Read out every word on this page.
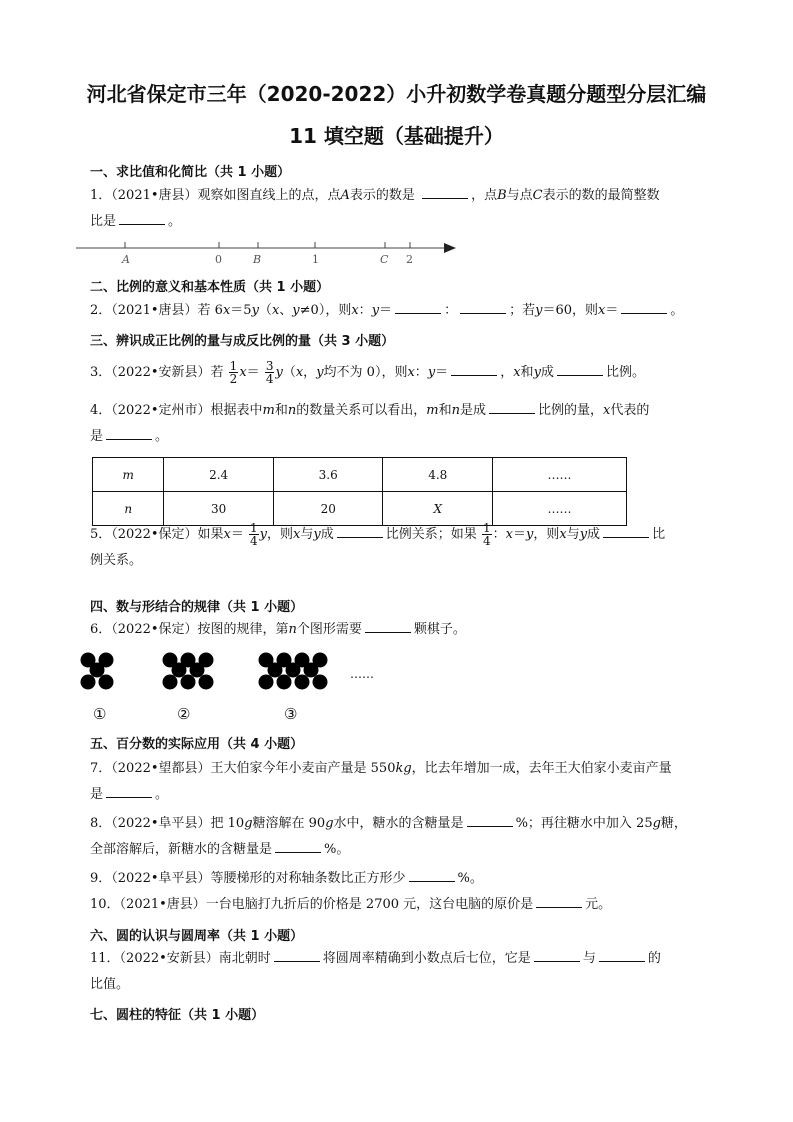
河北省保定市三年（2020-2022）小升初数学卷真题分题型分层汇编
11 填空题（基础提升）
一、求比值和化简比（共 1 小题）
1．（2021•唐县）观察如图直线上的点，点A表示的数是	，点B与点C表示的数的最简整数
比是	。
A	0	B	1	C 2
二、比例的意义和基本性质（共 1 小题）
2．（2021•唐县）若 6x＝5y（x、y≠0），则x：y＝	：	；若y＝60，则x＝	。
三、辨识成正比例的量与成反比例的量（共 3 小题）
3．（2022•安新县）若 $\frac{1}{2} x= \frac{3}{4} y(x$，y均不为 0），则x：y＝	，x和y成	比例。
4．（2022•定州市）根据表中m和n的数量关系可以看出，m和n是成	比例的量，x代表的
是	。
m	2.4	3.6	4.8	……
n	30	20	X	……
5．（2022•保定）如果$x= \frac{1}{4}$ y，则x与y成	比例关系；如果 $\frac{1}{4}$ ：x＝y，则x与y成	比
例关系。
四、数与形结合的规律（共 1 小题）
6．（2022•保定）按图的规律，第n个图形需要	颗棋子。
……
①	②	③
五、百分数的实际应用（共 4 小题）
7．（2022•望都县）王大伯家今年小麦亩产量是 550kg，比去年增加一成，去年王大伯家小麦亩产量
是	。
8．（2022•阜平县）把 10g糖溶解在 90g水中，糖水的含糖量是	%；再往糖水中加入 25g糖，
全部溶解后，新糖水的含糖量是	%。
9．（2022•阜平县）等腰梯形的对称轴条数比正方形少	%。
10．（2021•唐县）一台电脑打九折后的价格是 2700 元，这台电脑的原价是	元。
六、圆的认识与圆周率（共 1 小题）
11．（2022•安新县）南北朝时	将圆周率精确到小数点后七位，它是	与	的
比值。
七、圆柱的特征（共 1 小题）
